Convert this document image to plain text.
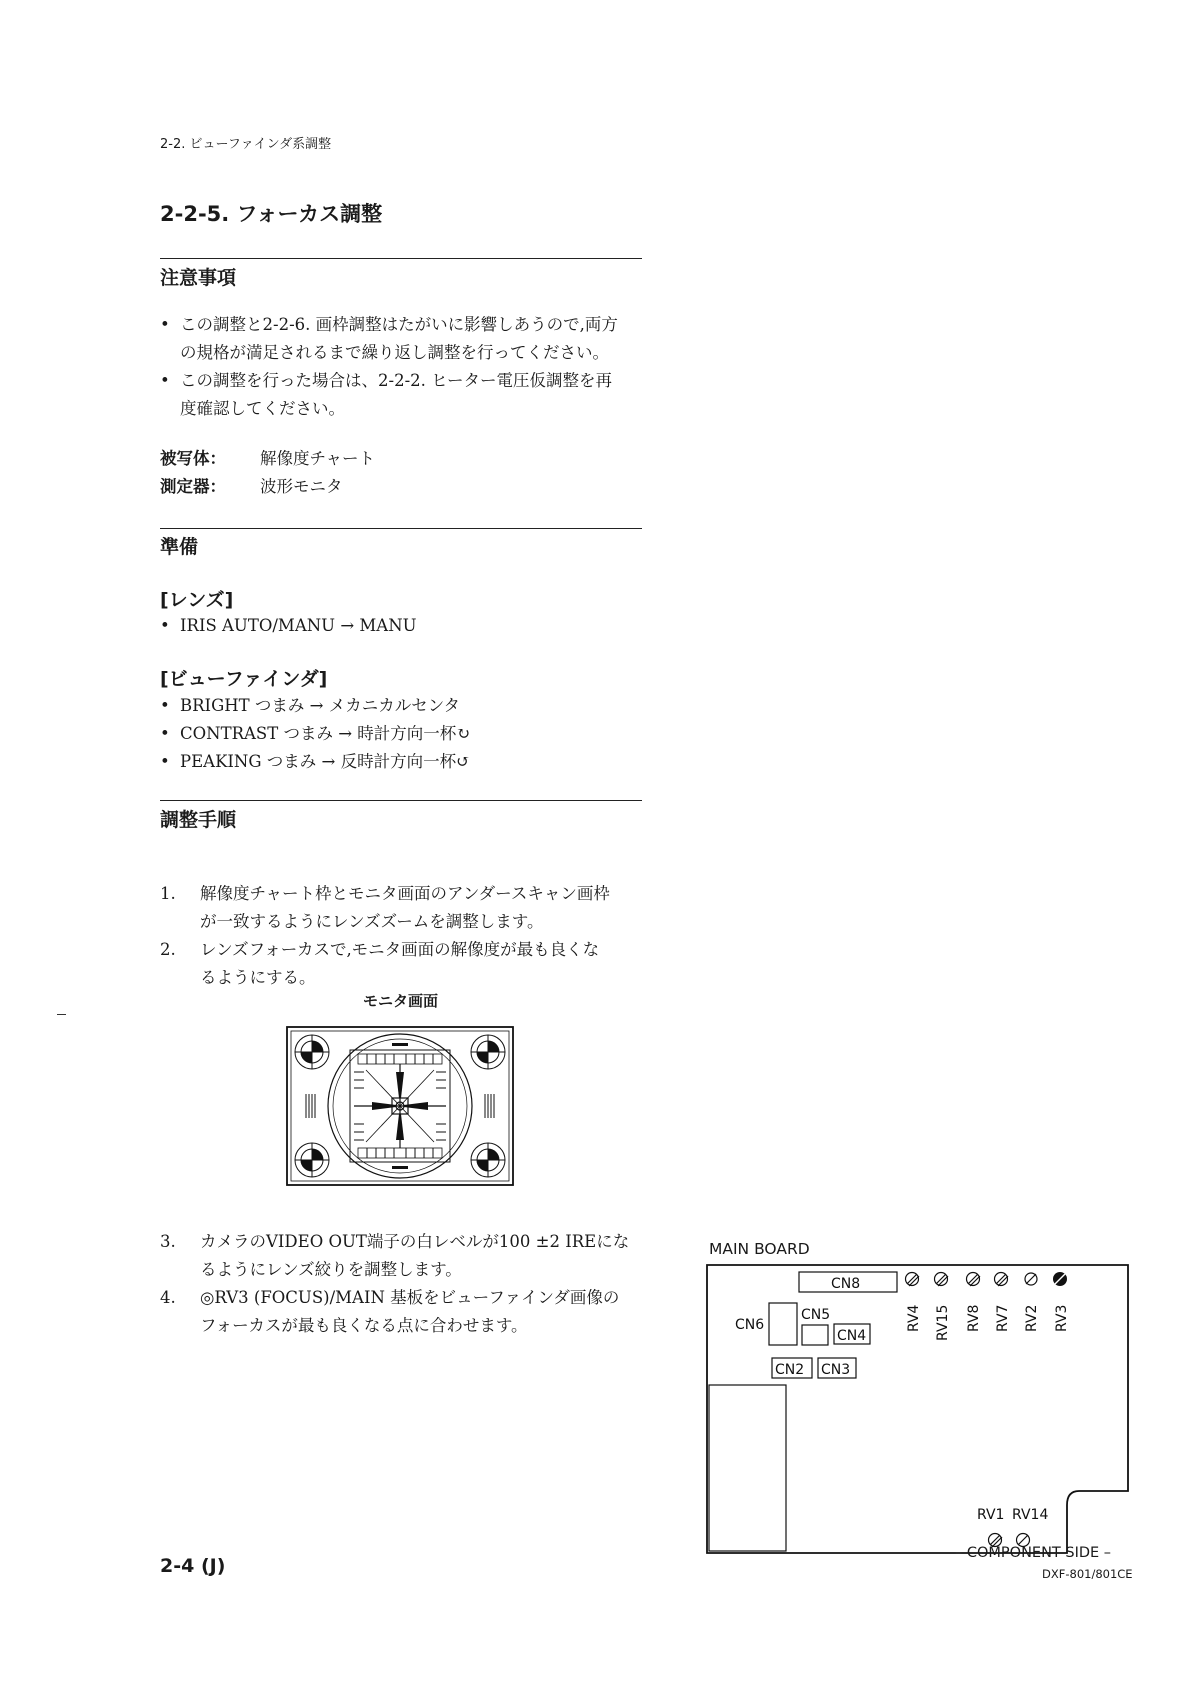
2-2. ビューファインダ系調整
2-2-5. フォーカス調整
注意事項
• この調整と2-2-6. 画枠調整はたがいに影響しあうので,両方
の規格が満足されるまで繰り返し調整を行ってください。
• この調整を行った場合は、2-2-2. ヒーター電圧仮調整を再
度確認してください。
被写体： 解像度チャート
測定器： 波形モニタ
準備
[レンズ]
• IRIS AUTO/MANU → MANU
[ビューファインダ]
• BRIGHT つまみ → メカニカルセンタ
• CONTRAST つまみ → 時計方向一杯↻
• PEAKING つまみ → 反時計方向一杯↺
調整手順
1. 解像度チャート枠とモニタ画面のアンダースキャン画枠
が一致するようにレンズズームを調整します。
2. レンズフォーカスで,モニタ画面の解像度が最も良くな
るようにする。
モニタ画面
3. カメラのVIDEO OUT端子の白レベルが100 ±2 IREにな
るようにレンズ絞りを調整します。
4. ◎RV3 (FOCUS)/MAIN 基板をビューファインダ画像の
フォーカスが最も良くなる点に合わせます。
MAIN BOARD
CN8
CN6
CN5
CN4
CN2 CN3
RV4 RV15 RV8 RV7 RV2 RV3
RV1 RV14
– COMPONENT SIDE –
2-4 (J)	DXF-801/801CE
